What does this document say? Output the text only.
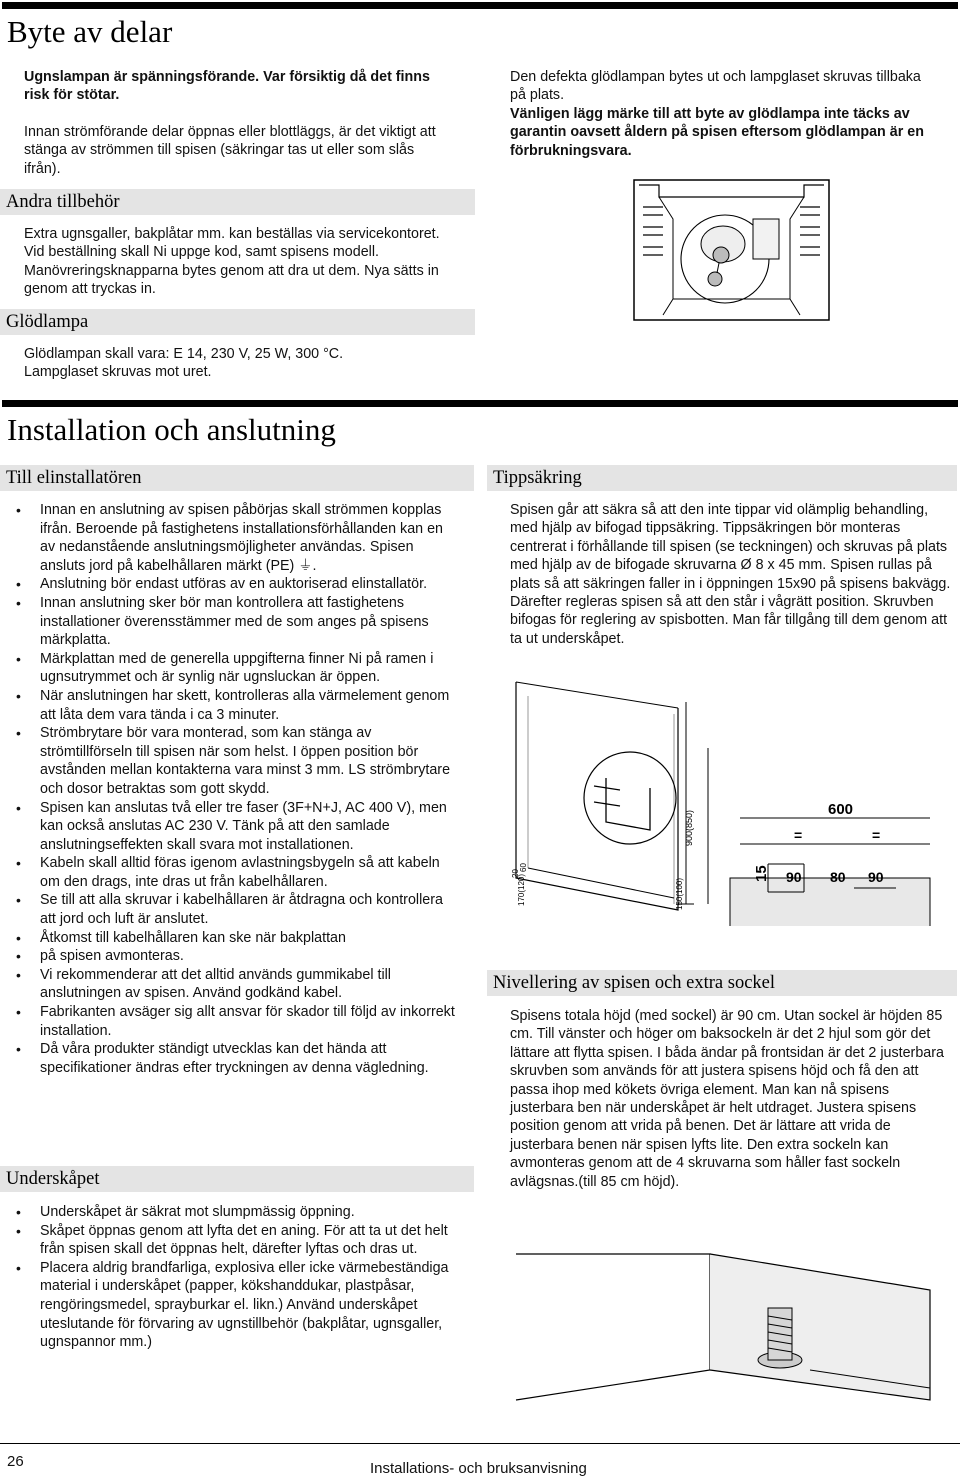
Byte av delar

Ugnslampan är spänningsförande. Var försiktig då det finns risk för stötar.

Innan strömförande delar öppnas eller blottläggs, är det viktigt att stänga av strömmen till spisen (säkringar tas ut eller som slås ifrån).

Andra tillbehör

Extra ugnsgaller, bakplåtar mm. kan beställas via servicekontoret. Vid beställning skall Ni uppge kod, samt spisens modell. Manövreringsknapparna bytes genom att dra ut dem. Nya sätts in genom att tryckas in.

Glödlampa

Glödlampan skall vara: E 14, 230 V, 25 W, 300 °C. Lampglaset skruvas mot uret.

Den defekta glödlampan bytes ut och lampglaset skruvas tillbaka på plats.

Vänligen lägg märke till att byte av glödlampa inte täcks av garantin oavsett åldern på spisen eftersom glödlampan är en förbrukningsvara.

Installation och anslutning
Till elinstallatören
• Innan en anslutning av spisen påbörjas skall strömmen kopplas ifrån. Beroende på fastighetens installationsförhållanden kan en av nedanstående anslutningsmöjligheter användas. Spisen ansluts jord på kabelhållaren märkt (PE) ⏚.
• Anslutning bör endast utföras av en auktoriserad elinstallatör.
• Innan anslutning sker bör man kontrollera att fastighetens installationer överensstämmer med de som anges på spisens märkplatta.
• Märkplattan med de generella uppgifterna finner Ni på ramen i ugnsutrymmet och är synlig när ugnsluckan är öppen.
• När anslutningen har skett, kontrolleras alla värmelement genom att låta dem vara tända i ca 3 minuter.
• Strömbrytare bör vara monterad, som kan stänga av strömtillförseln till spisen när som helst. I öppen position bör avstånden mellan kontakterna vara minst 3 mm. LS strömbrytare och dosor betraktas som gott skydd.
• Spisen kan anslutas två eller tre faser (3F+N+J, AC 400 V), men kan också anslutas AC 230 V. Tänk på att den samlade anslutningseffekten skall svara mot installationen.
• Kabeln skall alltid föras igenom avlastningsbygeln så att kabeln om den drags, inte dras ut från kabelhållaren.
• Se till att alla skruvar i kabelhållaren är åtdragna och kontrollera att jord och luft är anslutet.
• Åtkomst till kabelhållaren kan ske när bakplattan
• på spisen avmonteras.
• Vi rekommenderar att det alltid används gummikabel till anslutningen av spisen. Använd godkänd kabel.
• Fabrikanten avsäger sig allt ansvar för skador till följd av inkorrekt installation.
• Då våra produkter ständigt utvecklas kan det hända att specifikationer ändras efter tryckningen av denna vägledning.
Underskåpet
• Underskåpet är säkrat mot slumpmässig öppning.
• Skåpet öppnas genom att lyfta det en aning. För att ta ut det helt från spisen skall det öppnas helt, därefter lyftas och dras ut.
• Placera aldrig brandfarliga, explosiva eller icke värmebeständiga material i underskåpet (papper, kökshanddukar, plastpåsar, rengöringsmedel, sprayburkar el. likn.) Använd underskåpet uteslutande för förvaring av ugnstillbehör (bakplåtar, ugnsgaller, ugnspannor mm.)
Tippsäkring

Spisen går att säkra så att den inte tippar vid olämplig behandling, med hjälp av bifogad tippsäkring. Tippsäkringen bör monteras centrerat i förhållande till spisen (se teckningen) och skruvas på plats med hjälp av de bifogade skruvarna Ø 8 x 45 mm. Spisen rullas på plats så att säkringen faller in i öppningen 15x90 på spisens bakvägg. Därefter regleras spisen så att den står i vågrätt position. Skruvben bifogas för reglering av spisbotten. Man får tillgång till dem genom att ta ut underskåpet.

900(850)
150(100)
170(120)
20
60
600
=	=
15 90 80 90
Nivellering av spisen och extra sockel

Spisens totala höjd (med sockel) är 90 cm. Utan sockel är höjden 85 cm. Till vänster och höger om baksockeln är det 2 hjul som gör det lättare att flytta spisen. I båda ändar på frontsidan är det 2 justerbara skruvben som används för att justera spisens höjd och få den att passa ihop med kökets övriga element. Man kan nå spisens justerbara ben när underskåpet är helt utdraget. Justera spisens position genom att vrida på benen. Det är lättare att vrida de justerbara benen när spisen lyfts lite. Den extra sockeln kan avmonteras genom att de 4 skruvarna som håller fast sockeln avlägsnas.(till 85 cm höjd).

26	Installations- och bruksanvisning
